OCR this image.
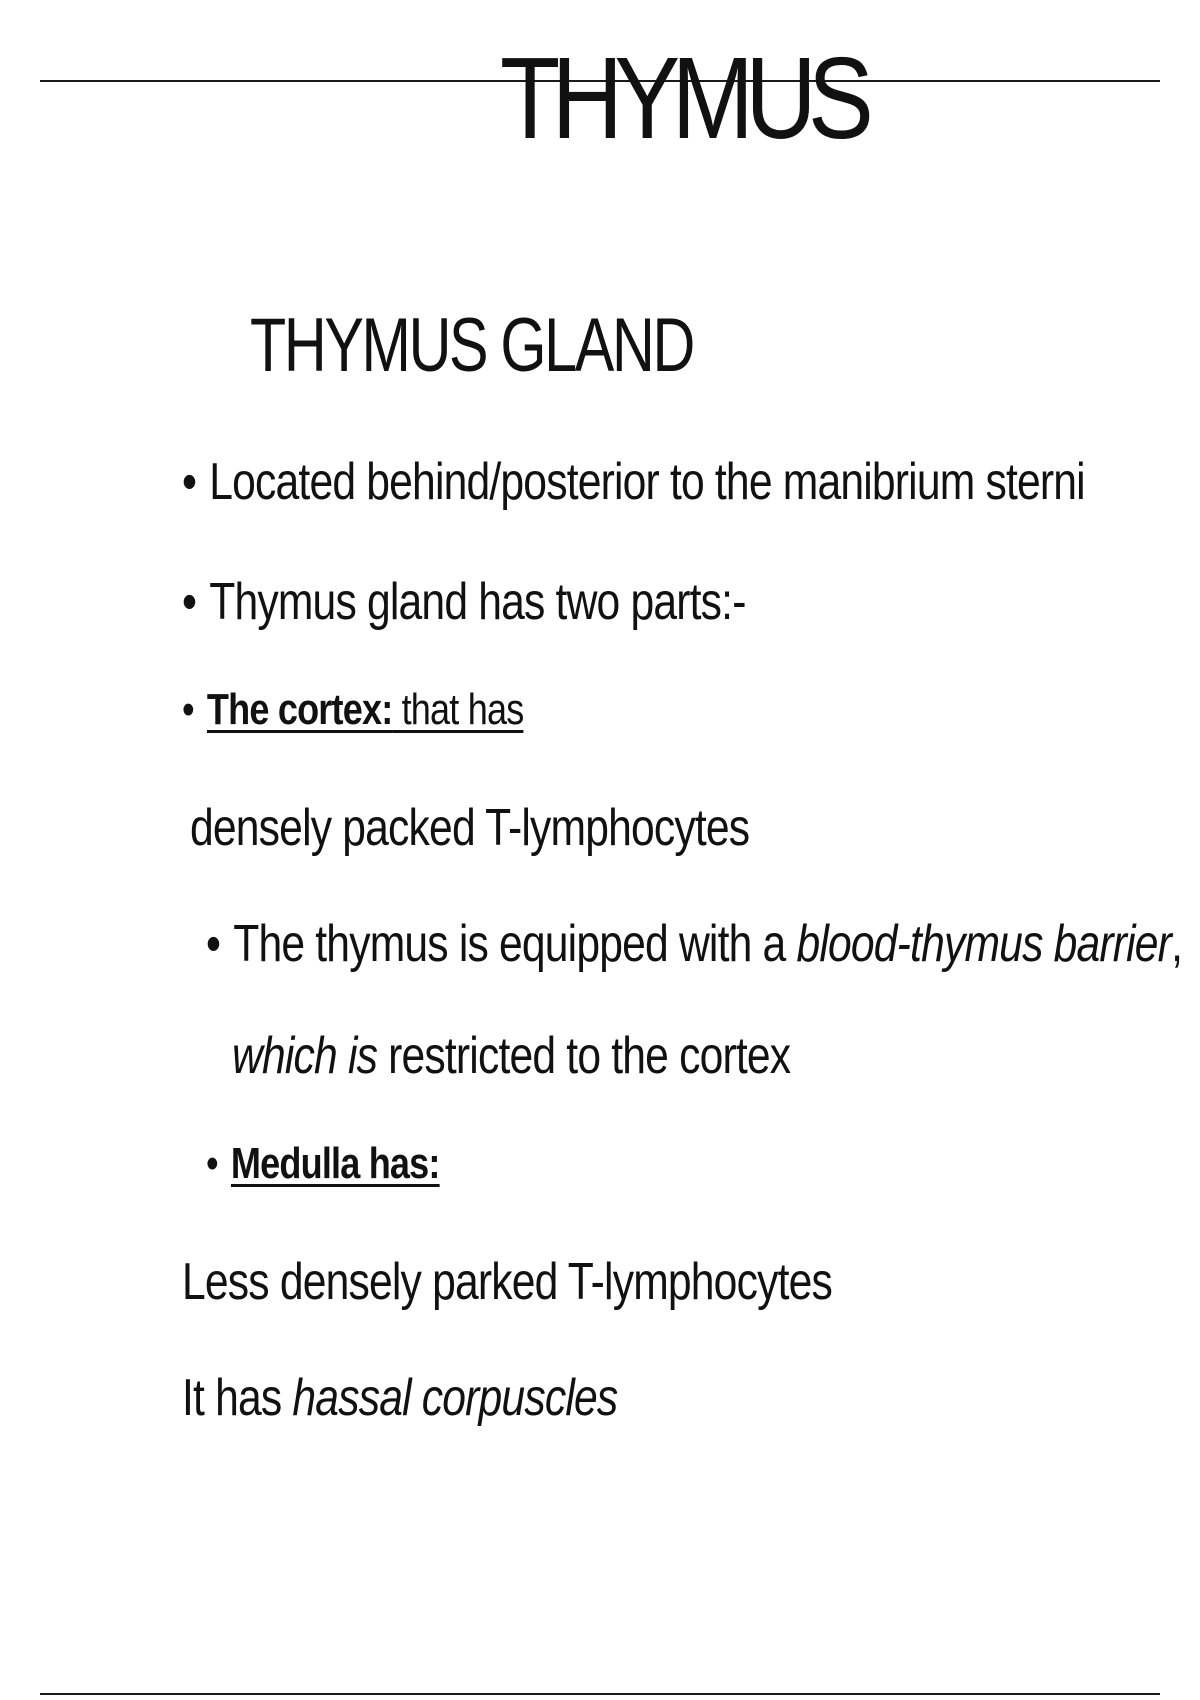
THYMUS
THYMUS GLAND
• Located behind/posterior to the manibrium sterni
• Thymus gland has two parts:-
• The cortex: that has
densely packed T-lymphocytes
• The thymus is equipped with a blood-thymus barrier,
which is restricted to the cortex
• Medulla has:
Less densely parked T-lymphocytes
It has hassal corpuscles
